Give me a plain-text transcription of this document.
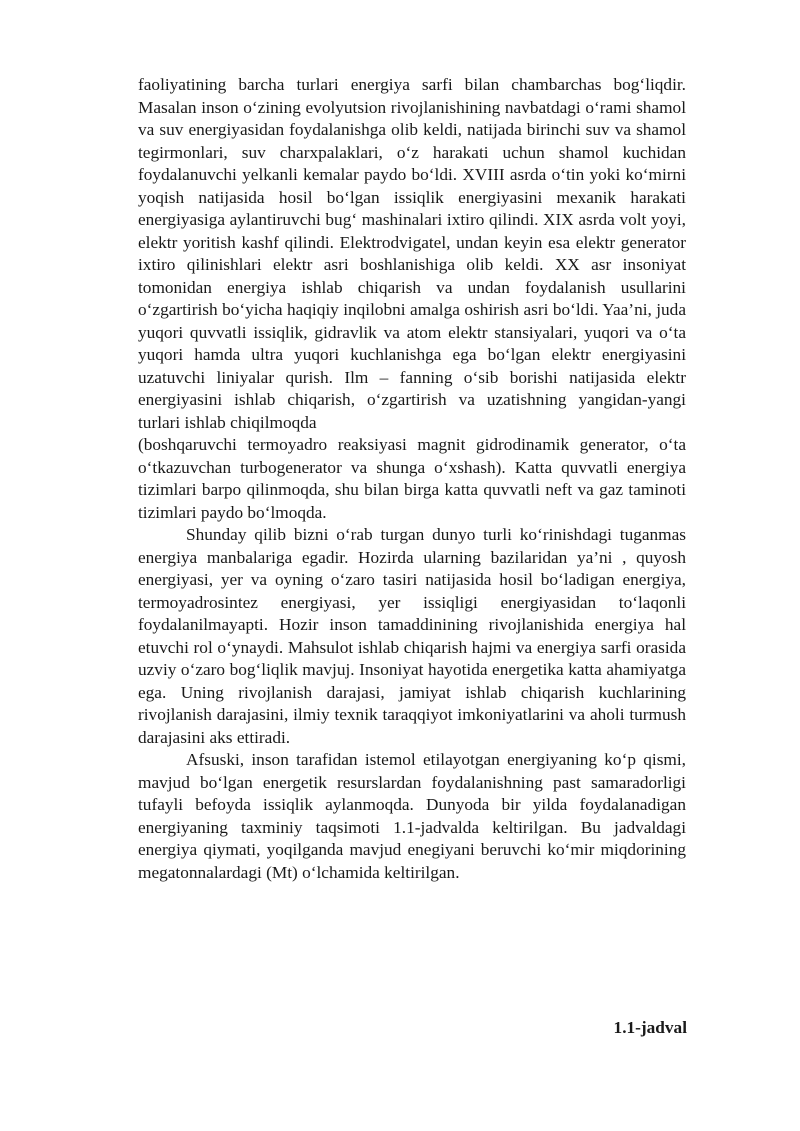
faoliyatining barcha turlari energiya sarfi bilan chambarchas bog‘liqdir. Masalan inson o‘zining evolyutsion rivojlanishining navbatdagi o‘rami shamol va suv energiyasidan foydalanishga olib keldi, natijada birinchi suv va shamol tegirmonlari, suv charxpalaklari, o‘z harakati uchun shamol kuchidan foydalanuvchi yelkanli kemalar paydo bo‘ldi. XVIII asrda o‘tin yoki ko‘mirni yoqish natijasida hosil bo‘lgan issiqlik energiyasini mexanik harakati energiyasiga aylantiruvchi bug‘ mashinalari ixtiro qilindi. XIX asrda volt yoyi, elektr yoritish kashf qilindi. Elektrodvigatel, undan keyin esa elektr generator ixtiro qilinishlari elektr asri boshlanishiga olib keldi. XX asr insoniyat tomonidan energiya ishlab chiqarish va undan foydalanish usullarini o‘zgartirish bo‘yicha haqiqiy inqilobni amalga oshirish asri bo‘ldi. Yaa’ni, juda yuqori quvvatli issiqlik, gidravlik va atom elektr stansiyalari, yuqori va o‘ta yuqori hamda ultra yuqori kuchlanishga ega bo‘lgan elektr energiyasini uzatuvchi liniyalar qurish. Ilm – fanning o‘sib borishi natijasida elektr energiyasini ishlab chiqarish, o‘zgartirish va uzatishning yangidan-yangi turlari ishlab chiqilmoqda

(boshqaruvchi termoyadro reaksiyasi magnit gidrodinamik generator, o‘ta o‘tkazuvchan turbogenerator va shunga o‘xshash). Katta quvvatli energiya tizimlari barpo qilinmoqda, shu bilan birga katta quvvatli neft va gaz taminoti tizimlari paydo bo‘lmoqda.

Shunday qilib bizni o‘rab turgan dunyo turli ko‘rinishdagi tuganmas energiya manbalariga egadir. Hozirda ularning bazilaridan ya’ni , quyosh energiyasi, yer va oyning o‘zaro tasiri natijasida hosil bo‘ladigan energiya, termoyadrosintez energiyasi, yer issiqligi energiyasidan to‘laqonli foydalanilmayapti. Hozir inson tamaddinining rivojlanishida energiya hal etuvchi rol o‘ynaydi. Mahsulot ishlab chiqarish hajmi va energiya sarfi orasida uzviy o‘zaro bog‘liqlik mavjuj. Insoniyat hayotida energetika katta ahamiyatga ega. Uning rivojlanish darajasi, jamiyat ishlab chiqarish kuchlarining rivojlanish darajasini, ilmiy texnik taraqqiyot imkoniyatlarini va aholi turmush darajasini aks ettiradi.

Afsuski, inson tarafidan istemol etilayotgan energiyaning ko‘p qismi, mavjud bo‘lgan energetik resurslardan foydalanishning past samaradorligi tufayli befoyda issiqlik aylanmoqda. Dunyoda bir yilda foydalanadigan energiyaning taxminiy taqsimoti 1.1-jadvalda keltirilgan. Bu jadvaldagi energiya qiymati, yoqilganda mavjud enegiyani beruvchi ko‘mir miqdorining megatonnalardagi (Mt) o‘lchamida keltirilgan.

1.1-jadval
